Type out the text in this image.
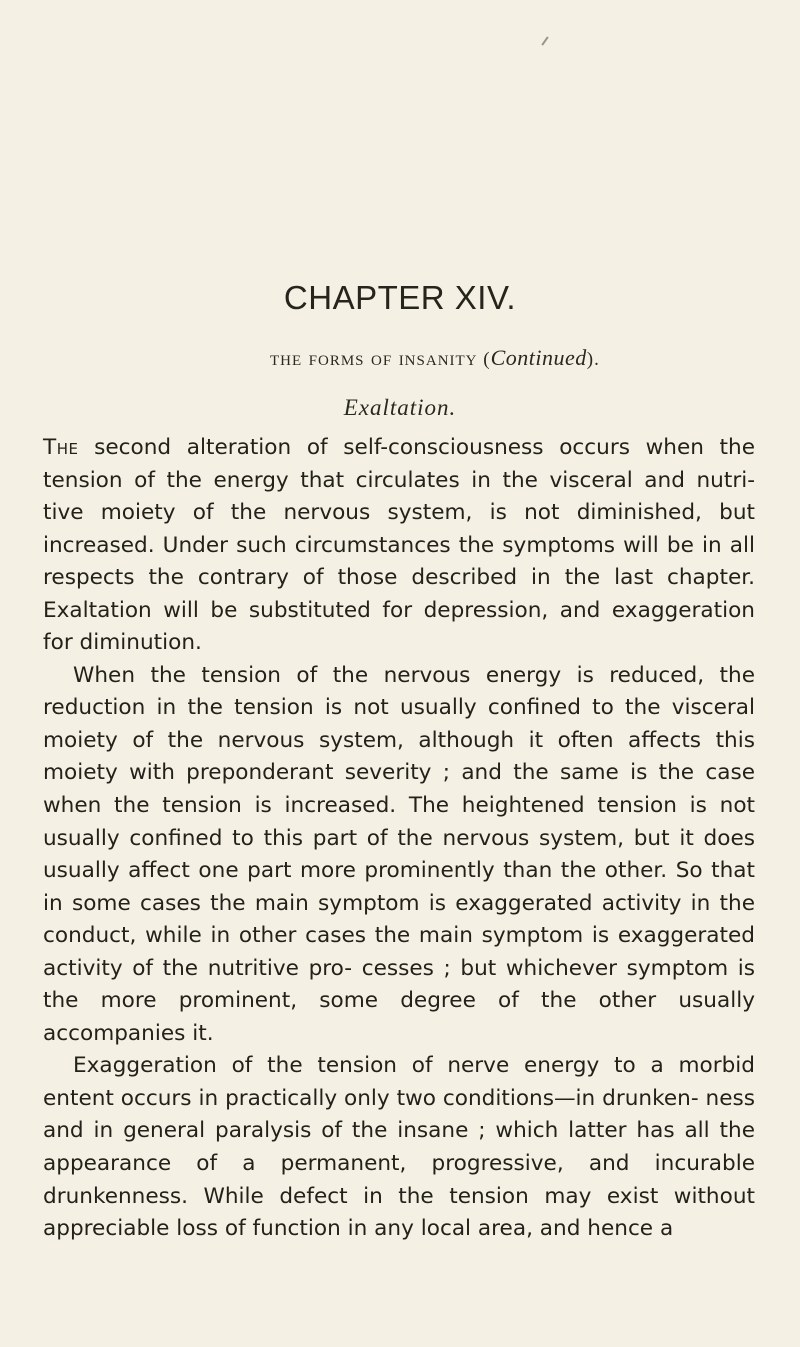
CHAPTER XIV.
the forms of insanity (Continued).
Exaltation.

The second alteration of self-consciousness occurs when the tension of the energy that circulates in the visceral and nutri- tive moiety of the nervous system, is not diminished, but increased. Under such circumstances the symptoms will be in all respects the contrary of those described in the last chapter. Exaltation will be substituted for depression, and exaggeration for diminution.

When the tension of the nervous energy is reduced, the reduction in the tension is not usually confined to the visceral moiety of the nervous system, although it often affects this moiety with preponderant severity ; and the same is the case when the tension is increased. The heightened tension is not usually confined to this part of the nervous system, but it does usually affect one part more prominently than the other. So that in some cases the main symptom is exaggerated activity in the conduct, while in other cases the main symptom is exaggerated activity of the nutritive pro- cesses ; but whichever symptom is the more prominent, some degree of the other usually accompanies it.

Exaggeration of the tension of nerve energy to a morbid entent occurs in practically only two conditions—in drunken- ness and in general paralysis of the insane ; which latter has all the appearance of a permanent, progressive, and incurable drunkenness. While defect in the tension may exist without appreciable loss of function in any local area, and hence a
